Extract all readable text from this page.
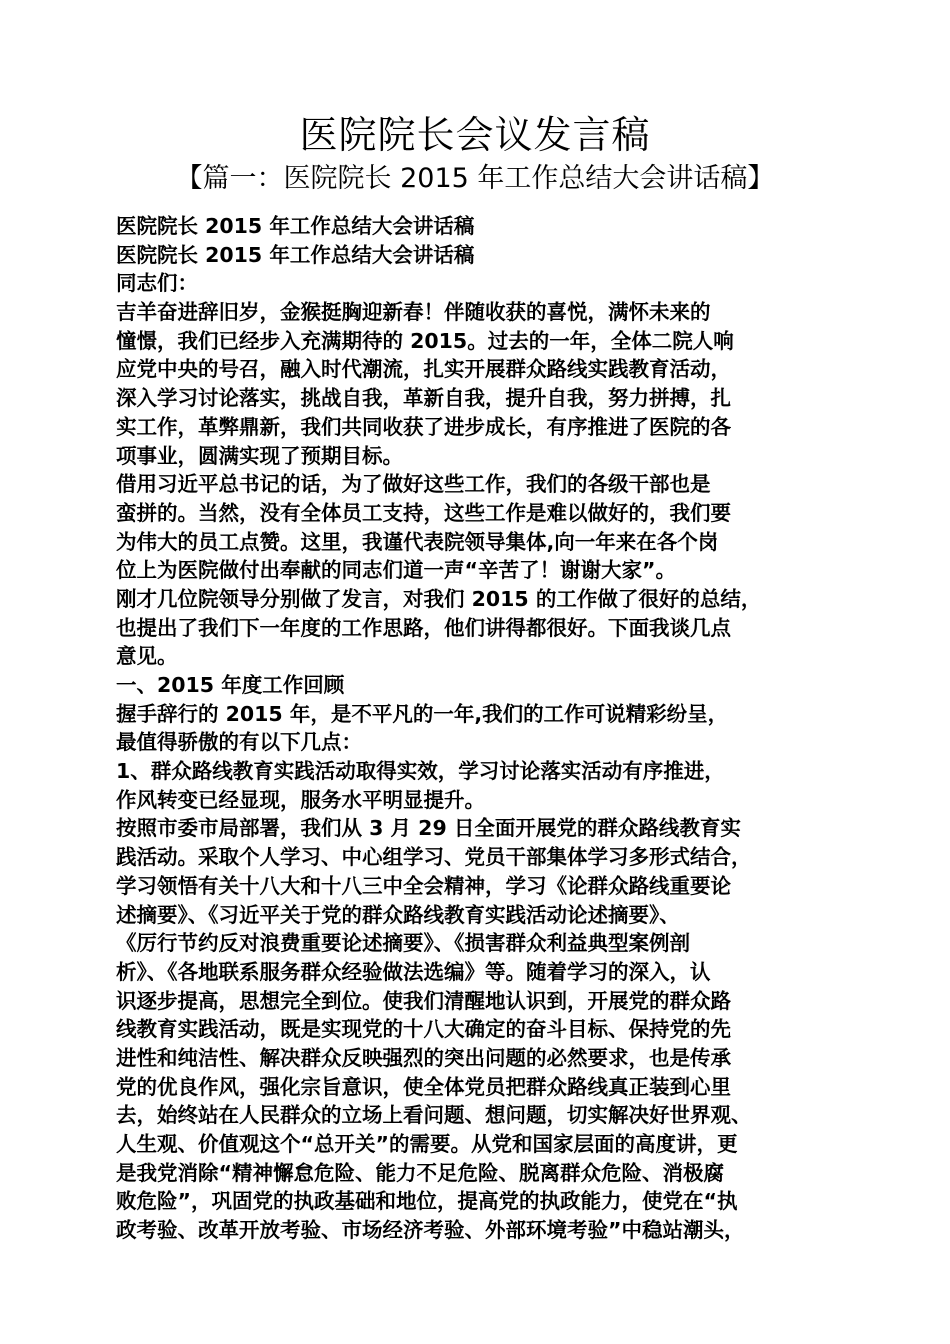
医院院长会议发言稿
【篇一：医院院长 2015 年工作总结大会讲话稿】
医院院长 2015 年工作总结大会讲话稿
医院院长 2015 年工作总结大会讲话稿
同志们：
吉羊奋进辞旧岁，金猴挺胸迎新春！伴随收获的喜悦，满怀未来的
憧憬，我们已经步入充满期待的 2015。过去的一年，全体二院人响
应党中央的号召，融入时代潮流，扎实开展群众路线实践教育活动，
深入学习讨论落实，挑战自我，革新自我，提升自我，努力拼搏，扎
实工作，革弊鼎新，我们共同收获了进步成长，有序推进了医院的各
项事业，圆满实现了预期目标。
借用习近平总书记的话，为了做好这些工作，我们的各级干部也是
蛮拼的。当然，没有全体员工支持，这些工作是难以做好的，我们要
为伟大的员工点赞。这里，我谨代表院领导集体,向一年来在各个岗
位上为医院做付出奉献的同志们道一声“辛苦了！谢谢大家”。
刚才几位院领导分别做了发言，对我们 2015 的工作做了很好的总结，
也提出了我们下一年度的工作思路，他们讲得都很好。下面我谈几点
意见。
一、2015 年度工作回顾
握手辞行的 2015 年，是不平凡的一年,我们的工作可说精彩纷呈，
最值得骄傲的有以下几点：
1、群众路线教育实践活动取得实效，学习讨论落实活动有序推进，
作风转变已经显现，服务水平明显提升。
按照市委市局部署，我们从 3 月 29 日全面开展党的群众路线教育实
践活动。采取个人学习、中心组学习、党员干部集体学习多形式结合，
学习领悟有关十八大和十八三中全会精神，学习《论群众路线重要论
述摘要》、《习近平关于党的群众路线教育实践活动论述摘要》、
《厉行节约反对浪费重要论述摘要》、《损害群众利益典型案例剖
析》、《各地联系服务群众经验做法选编》等。随着学习的深入，认
识逐步提高，思想完全到位。使我们清醒地认识到，开展党的群众路
线教育实践活动，既是实现党的十八大确定的奋斗目标、保持党的先
进性和纯洁性、解决群众反映强烈的突出问题的必然要求，也是传承
党的优良作风，强化宗旨意识，使全体党员把群众路线真正装到心里
去，始终站在人民群众的立场上看问题、想问题，切实解决好世界观、
人生观、价值观这个“总开关”的需要。从党和国家层面的高度讲，更
是我党消除“精神懈怠危险、能力不足危险、脱离群众危险、消极腐
败危险”，巩固党的执政基础和地位，提高党的执政能力，使党在“执
政考验、改革开放考验、市场经济考验、外部环境考验”中稳站潮头，
